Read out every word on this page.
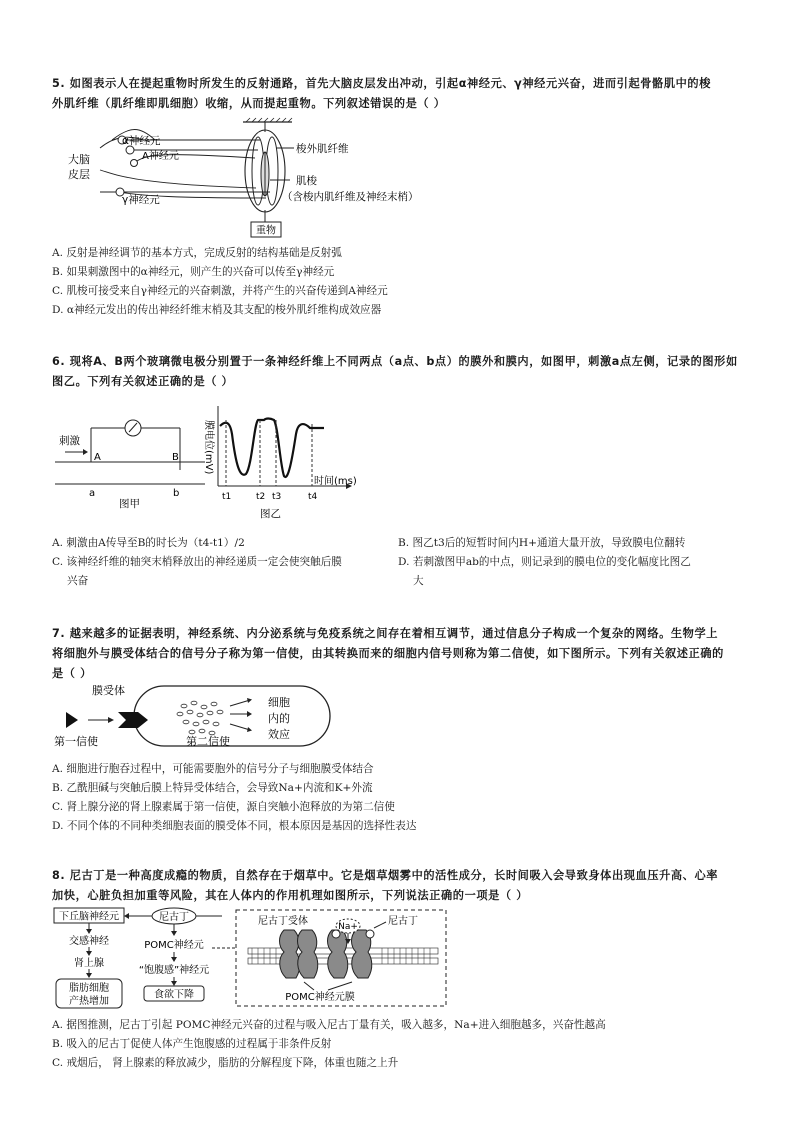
5. 如图表示人在提起重物时所发生的反射通路，首先大脑皮层发出冲动，引起α神经元、γ神经元兴奋，进而引起骨骼肌中的梭

外肌纤维（肌纤维即肌细胞）收缩，从而提起重物。下列叙述错误的是（ ）

重物
α神经元
A神经元
大脑
皮层
γ神经元
梭外肌纤维
肌梭
（含梭内肌纤维及神经末梢）

A. 反射是神经调节的基本方式，完成反射的结构基础是反射弧

B. 如果刺激图中的α神经元，则产生的兴奋可以传至γ神经元

C. 肌梭可接受来自γ神经元的兴奋刺激，并将产生的兴奋传递到A神经元

D. α神经元发出的传出神经纤维末梢及其支配的梭外肌纤维构成效应器

6. 现将A、B两个玻璃微电极分别置于一条神经纤维上不同两点（a点、b点）的膜外和膜内，如图甲，刺激a点左侧，记录的图形如

图乙。下列有关叙述正确的是（ ）

刺激
A	B
a	b
图甲
膜电位(mV)
时间(ms)
t1	t2 t3	t4
图乙
A. 刺激由A传导至B的时长为（t4-t1）/2	B. 图乙t3后的短暂时间内H+通道大量开放，导致膜电位翻转
C. 该神经纤维的轴突末梢释放出的神经递质一定会使突触后膜
兴奋
D. 若刺激图甲ab的中点，则记录到的膜电位的变化幅度比图乙
大

7. 越来越多的证据表明，神经系统、内分泌系统与免疫系统之间存在着相互调节，通过信息分子构成一个复杂的网络。生物学上

将细胞外与膜受体结合的信号分子称为第一信使，由其转换而来的细胞内信号则称为第二信使，如下图所示。下列有关叙述正确的

是（ ）

细胞
内的
效应
膜受体
第一信使	第二信使

A. 细胞进行胞吞过程中，可能需要胞外的信号分子与细胞膜受体结合

B. 乙酰胆碱与突触后膜上特异受体结合，会导致Na+内流和K+外流

C. 肾上腺分泌的肾上腺素属于第一信使，源自突触小泡释放的为第二信使

D. 不同个体的不同种类细胞表面的膜受体不同，根本原因是基因的选择性表达

8. 尼古丁是一种高度成瘾的物质，自然存在于烟草中。它是烟草烟雾中的活性成分，长时间吸入会导致身体出现血压升高、心率

加快，心脏负担加重等风险，其在人体内的作用机理如图所示，下列说法正确的一项是（ ）

下丘脑神经元	尼古丁
交感神经
肾上腺
脂肪细胞
产热增加
POMC神经元
“饱腹感”神经元
食欲下降
尼古丁受体	Na+	尼古丁
POMC神经元膜

A. 据图推测，尼古丁引起 POMC神经元兴奋的过程与吸入尼古丁量有关，吸入越多，Na+进入细胞越多，兴奋性越高

B. 吸入的尼古丁促使人体产生饱腹感的过程属于非条件反射

C. 戒烟后， 肾上腺素的释放减少，脂肪的分解程度下降，体重也随之上升
